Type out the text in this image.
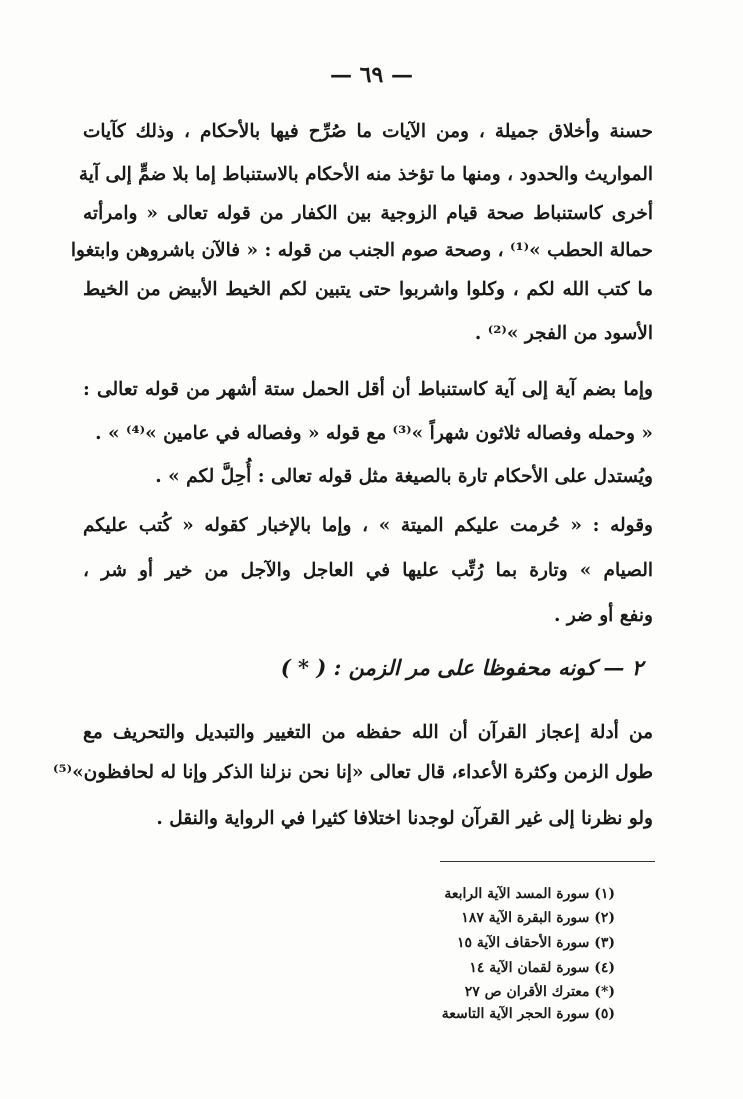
— ٦٩ —
حسنة وأخلاق جميلة ، ومن الآيات ما صُرِّح فيها بالأحكام ، وذلك كآيات
المواريث والحدود ، ومنها ما تؤخذ منه الأحكام بالاستنباط إما بلا ضمٍّ إلى آية
أخرى كاستنباط صحة قيام الزوجية بين الكفار من قوله تعالى « وامرأته
حمالة الحطب »⁽¹⁾ ، وصحة صوم الجنب من قوله : « فالآن باشروهن وابتغوا
ما كتب الله لكم ، وكلوا واشربوا حتى يتبين لكم الخيط الأبيض من الخيط
الأسود من الفجر »⁽²⁾ .
وإما بضم آية إلى آية كاستنباط أن أقل الحمل ستة أشهر من قوله تعالى :
« وحمله وفصاله ثلاثون شهراً »⁽³⁾ مع قوله « وفصاله في عامين »⁽⁴⁾ » .
ويُستدل على الأحكام تارة بالصيغة مثل قوله تعالى : أُحِلَّ لكم » .
وقوله : « حُرمت عليكم الميتة » ، وإما بالإخبار كقوله « كُتب عليكم
الصيام » وتارة بما رُتِّب عليها في العاجل والآجل من خير أو شر ،
ونفع أو ضر .
٢ — كونه محفوظا على مر الزمن : ( * )
من أدلة إعجاز القرآن أن الله حفظه من التغيير والتبديل والتحريف مع
طول الزمن وكثرة الأعداء، قال تعالى «إنا نحن نزلنا الذكر وإنا له لحافظون»⁽⁵⁾
ولو نظرنا إلى غير القرآن لوجدنا اختلافا كثيرا في الرواية والنقل .
(١) سورة المسد الآية الرابعة
(٢) سورة البقرة الآية ١٨٧
(٣) سورة الأحقاف الآية ١٥
(٤) سورة لقمان الآية ١٤
(*) معترك الأقران ص ٢٧
(٥) سورة الحجر الآية التاسعة
